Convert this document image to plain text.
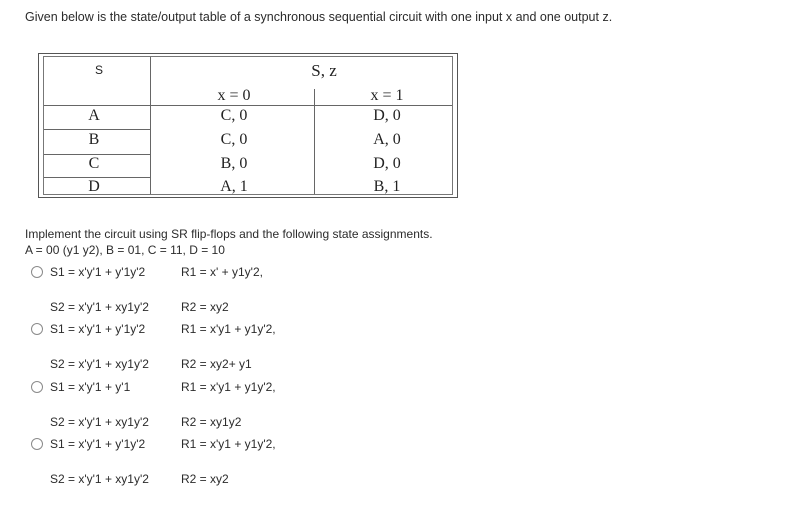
Given below is the state/output table of a synchronous sequential circuit with one input x and one output z.
S	S, z
x = 0	x = 1
A	C, 0	D, 0
B	C, 0	A, 0
C	B, 0	D, 0
D	A, 1	B, 1
Implement the circuit using SR flip-flops and the following state assignments.
A = 00 (y1 y2), B = 01, C = 11, D = 10
S1 = x'y'1 + y'1y'2	R1 = x' + y1y'2,
S2 = x'y'1 + xy1y'2	R2 = xy2
S1 = x'y'1 + y'1y'2	R1 = x'y1 + y1y'2,
S2 = x'y'1 + xy1y'2	R2 = xy2+ y1
S1 = x'y'1 + y'1	R1 = x'y1 + y1y'2,
S2 = x'y'1 + xy1y'2	R2 = xy1y2
S1 = x'y'1 + y'1y'2	R1 = x'y1 + y1y'2,
S2 = x'y'1 + xy1y'2	R2 = xy2
